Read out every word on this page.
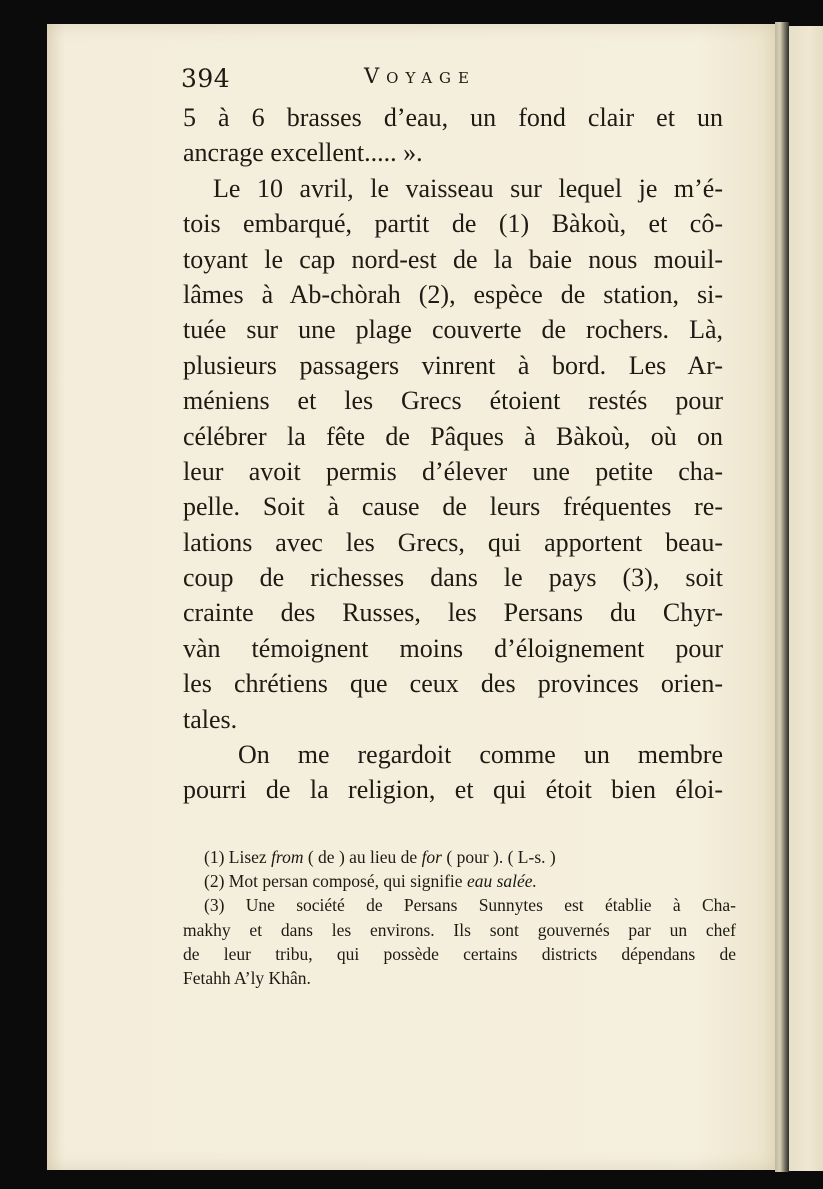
394	Voyage
5 à 6 brasses d’eau, un fond clair et un
ancrage excellent..... ».
Le 10 avril, le vaisseau sur lequel je m’é-
tois embarqué, partit de (1) Bàkoù, et cô-
toyant le cap nord-est de la baie nous mouil-
lâmes à Ab-chòrah (2), espèce de station, si-
tuée sur une plage couverte de rochers. Là,
plusieurs passagers vinrent à bord. Les Ar-
méniens et les Grecs étoient restés pour
célébrer la fête de Pâques à Bàkoù, où on
leur avoit permis d’élever une petite cha-
pelle. Soit à cause de leurs fréquentes re-
lations avec les Grecs, qui apportent beau-
coup de richesses dans le pays (3), soit
crainte des Russes, les Persans du Chyr-
vàn témoignent moins d’éloignement pour
les chrétiens que ceux des provinces orien-
tales.
On me regardoit comme un membre
pourri de la religion, et qui étoit bien éloi-
(1) Lisez from ( de ) au lieu de for ( pour ). ( L-s. )
(2) Mot persan composé, qui signifie eau salée.
(3) Une société de Persans Sunnytes est établie à Cha-
makhy et dans les environs. Ils sont gouvernés par un chef
de leur tribu, qui possède certains districts dépendans de
Fetahh A’ly Khân.
